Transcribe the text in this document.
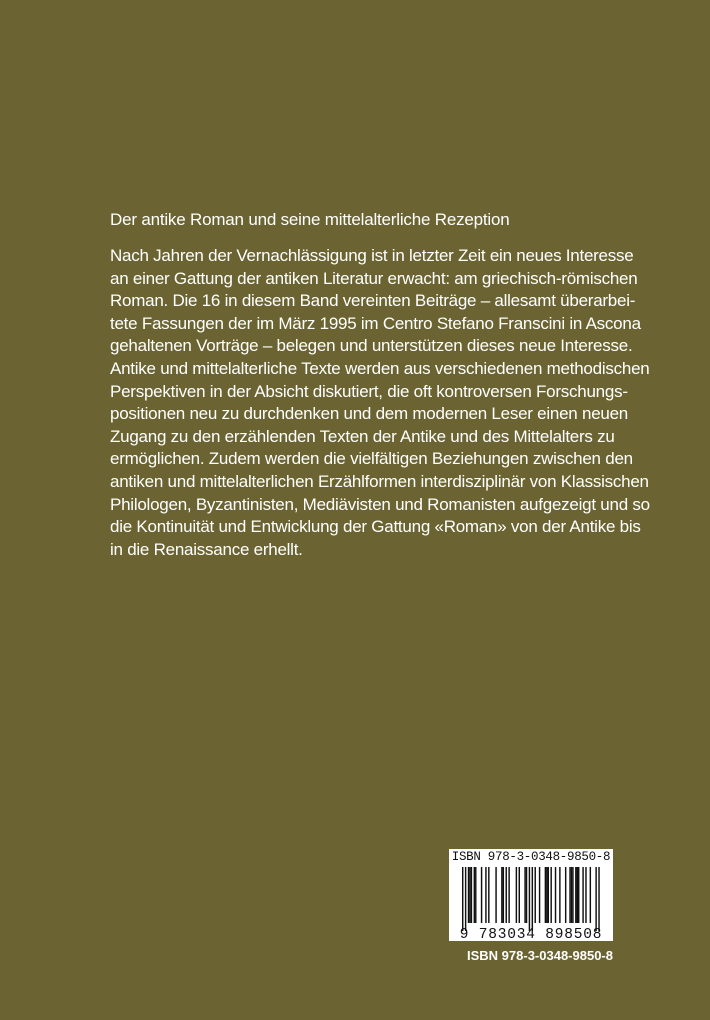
Der antike Roman und seine mittelalterliche Rezeption
Nach Jahren der Vernachlässigung ist in letzter Zeit ein neues Interesse
an einer Gattung der antiken Literatur erwacht: am griechisch-römischen
Roman. Die 16 in diesem Band vereinten Beiträge – allesamt überarbei-
tete Fassungen der im März 1995 im Centro Stefano Franscini in Ascona
gehaltenen Vorträge – belegen und unterstützen dieses neue Interesse.
Antike und mittelalterliche Texte werden aus verschiedenen methodischen
Perspektiven in der Absicht diskutiert, die oft kontroversen Forschungs-
positionen neu zu durchdenken und dem modernen Leser einen neuen
Zugang zu den erzählenden Texten der Antike und des Mittelalters zu
ermöglichen. Zudem werden die vielfältigen Beziehungen zwischen den
antiken und mittelalterlichen Erzählformen interdisziplinär von Klassischen
Philologen, Byzantinisten, Mediävisten und Romanisten aufgezeigt und so
die Kontinuität und Entwicklung der Gattung «Roman» von der Antike bis
in die Renaissance erhellt.
ISBN 978-3-0348-9850-8
9 783034 898508
ISBN 978-3-0348-9850-8
